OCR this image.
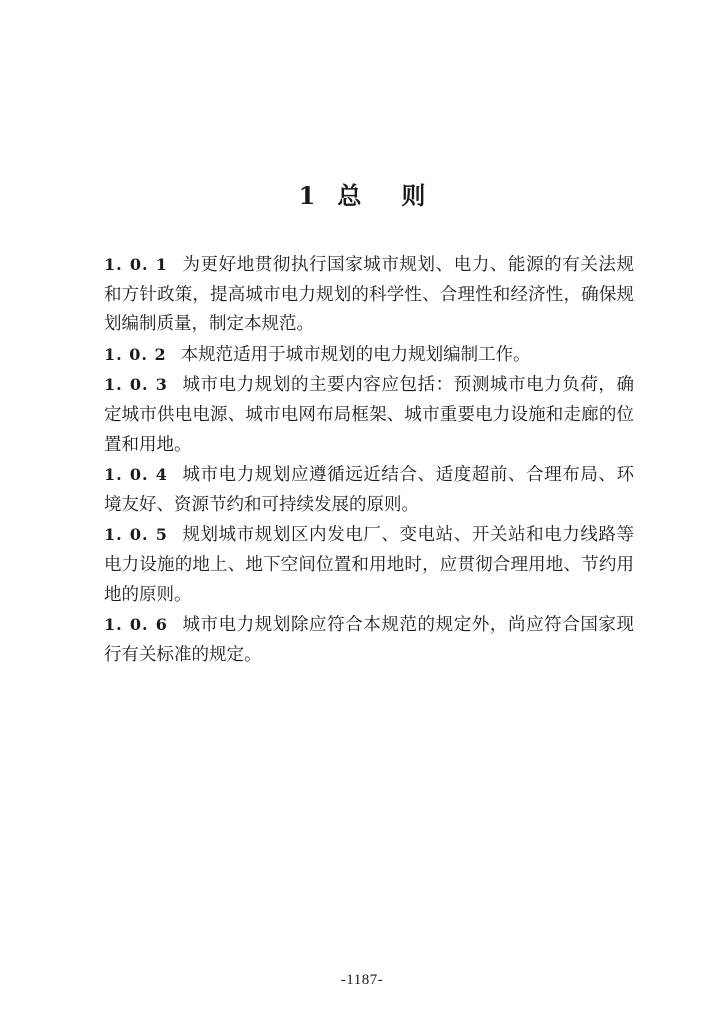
1 总 则

1. 0. 1 为更好地贯彻执行国家城市规划、电力、能源的有关法规和方针政策，提高城市电力规划的科学性、合理性和经济性，确保规划编制质量，制定本规范。

1. 0. 2 本规范适用于城市规划的电力规划编制工作。

1. 0. 3 城市电力规划的主要内容应包括：预测城市电力负荷，确定城市供电电源、城市电网布局框架、城市重要电力设施和走廊的位置和用地。

1. 0. 4 城市电力规划应遵循远近结合、适度超前、合理布局、环境友好、资源节约和可持续发展的原则。

1. 0. 5 规划城市规划区内发电厂、变电站、开关站和电力线路等电力设施的地上、地下空间位置和用地时，应贯彻合理用地、节约用地的原则。

1. 0. 6 城市电力规划除应符合本规范的规定外，尚应符合国家现行有关标准的规定。

-1187-
